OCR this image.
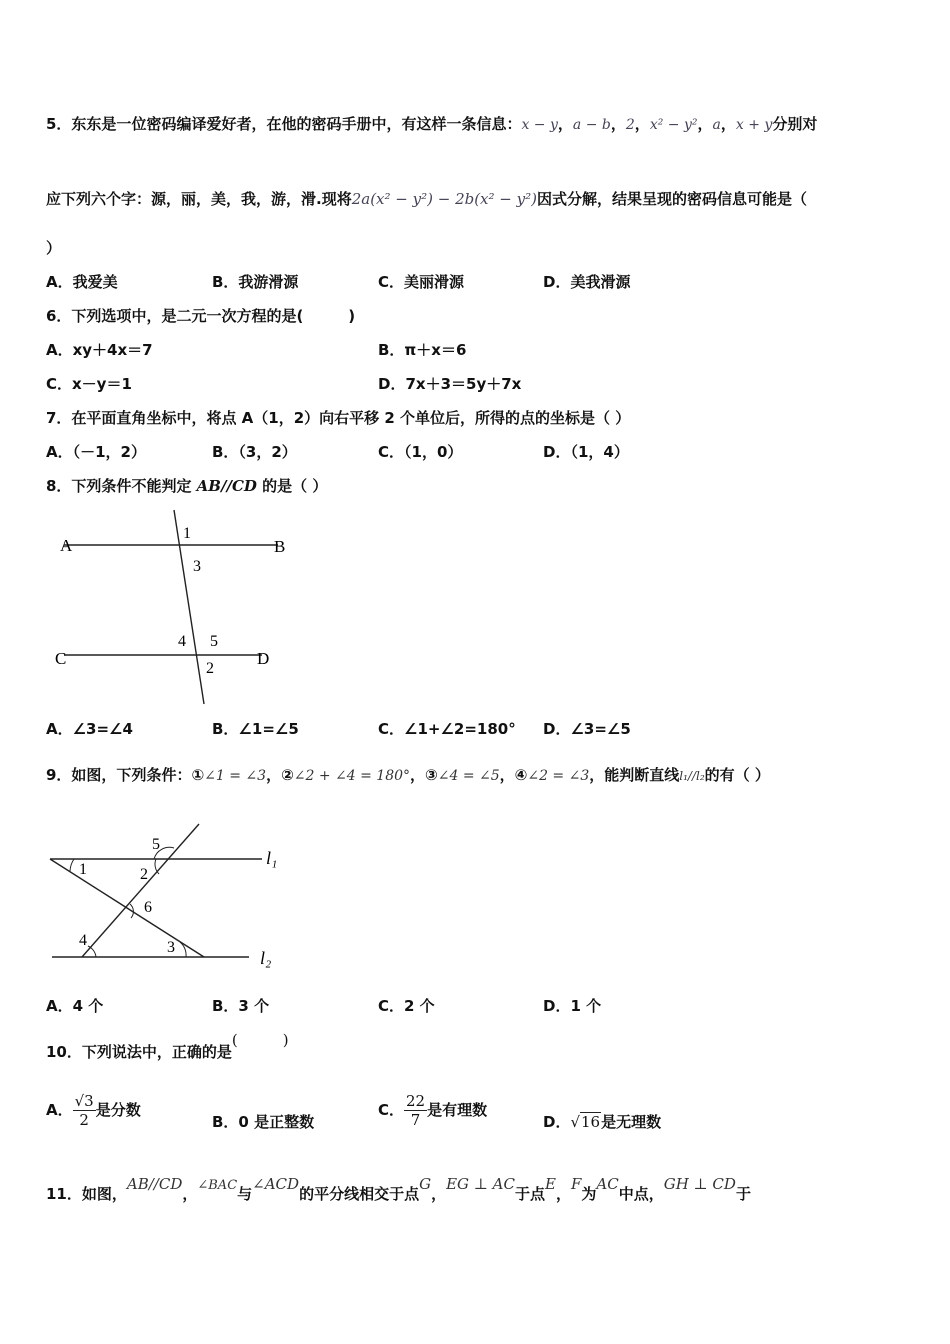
5．东东是一位密码编译爱好者，在他的密码手册中，有这样一条信息：x − y，a − b，2，x² − y²，a，x + y分别对
应下列六个字：源，丽，美，我，游，滑.现将2a(x² − y²) − 2b(x² − y²)因式分解，结果呈现的密码信息可能是（
）
A．我爱美	B．我游滑源	C．美丽滑源	D．美我滑源
6．下列选项中，是二元一次方程的是(　　　)
A．xy＋4x＝7	B．π＋x＝6
C．x－y＝1	D．7x＋3＝5y＋7x
7．在平面直角坐标中，将点 A（1，2）向右平移 2 个单位后，所得的点的坐标是（ ）
A．（－1，2）	B．（3，2）	C．（1，0）	D．（1，4）
8．下列条件不能判定 AB//CD 的是（ ）
A	B
C	D
1
2
3
4 5
A．∠3=∠4	B．∠1=∠5	C．∠1+∠2=180° D．∠3=∠5
9．如图，下列条件：①∠1 = ∠3，②∠2 + ∠4 = 180°，③∠4 = ∠5，④∠2 = ∠3，能判断直线l₁//l₂的有（ ）
5
2
1
6
4	3
l₁
l₂
A．4 个	B．3 个	C．2 个	D．1 个
10．下列说法中，正确的是(　　　)
A． $\frac{√3}{2}$ 是分数
B．0 是正整数
C． $\frac{22}{7}$ 是有理数
D．√16是无理数
11．如图，AB//CD，∠BAC与∠ACD的平分线相交于点G，EG ⊥ AC于点E，F为AC中点，GH ⊥ CD于
